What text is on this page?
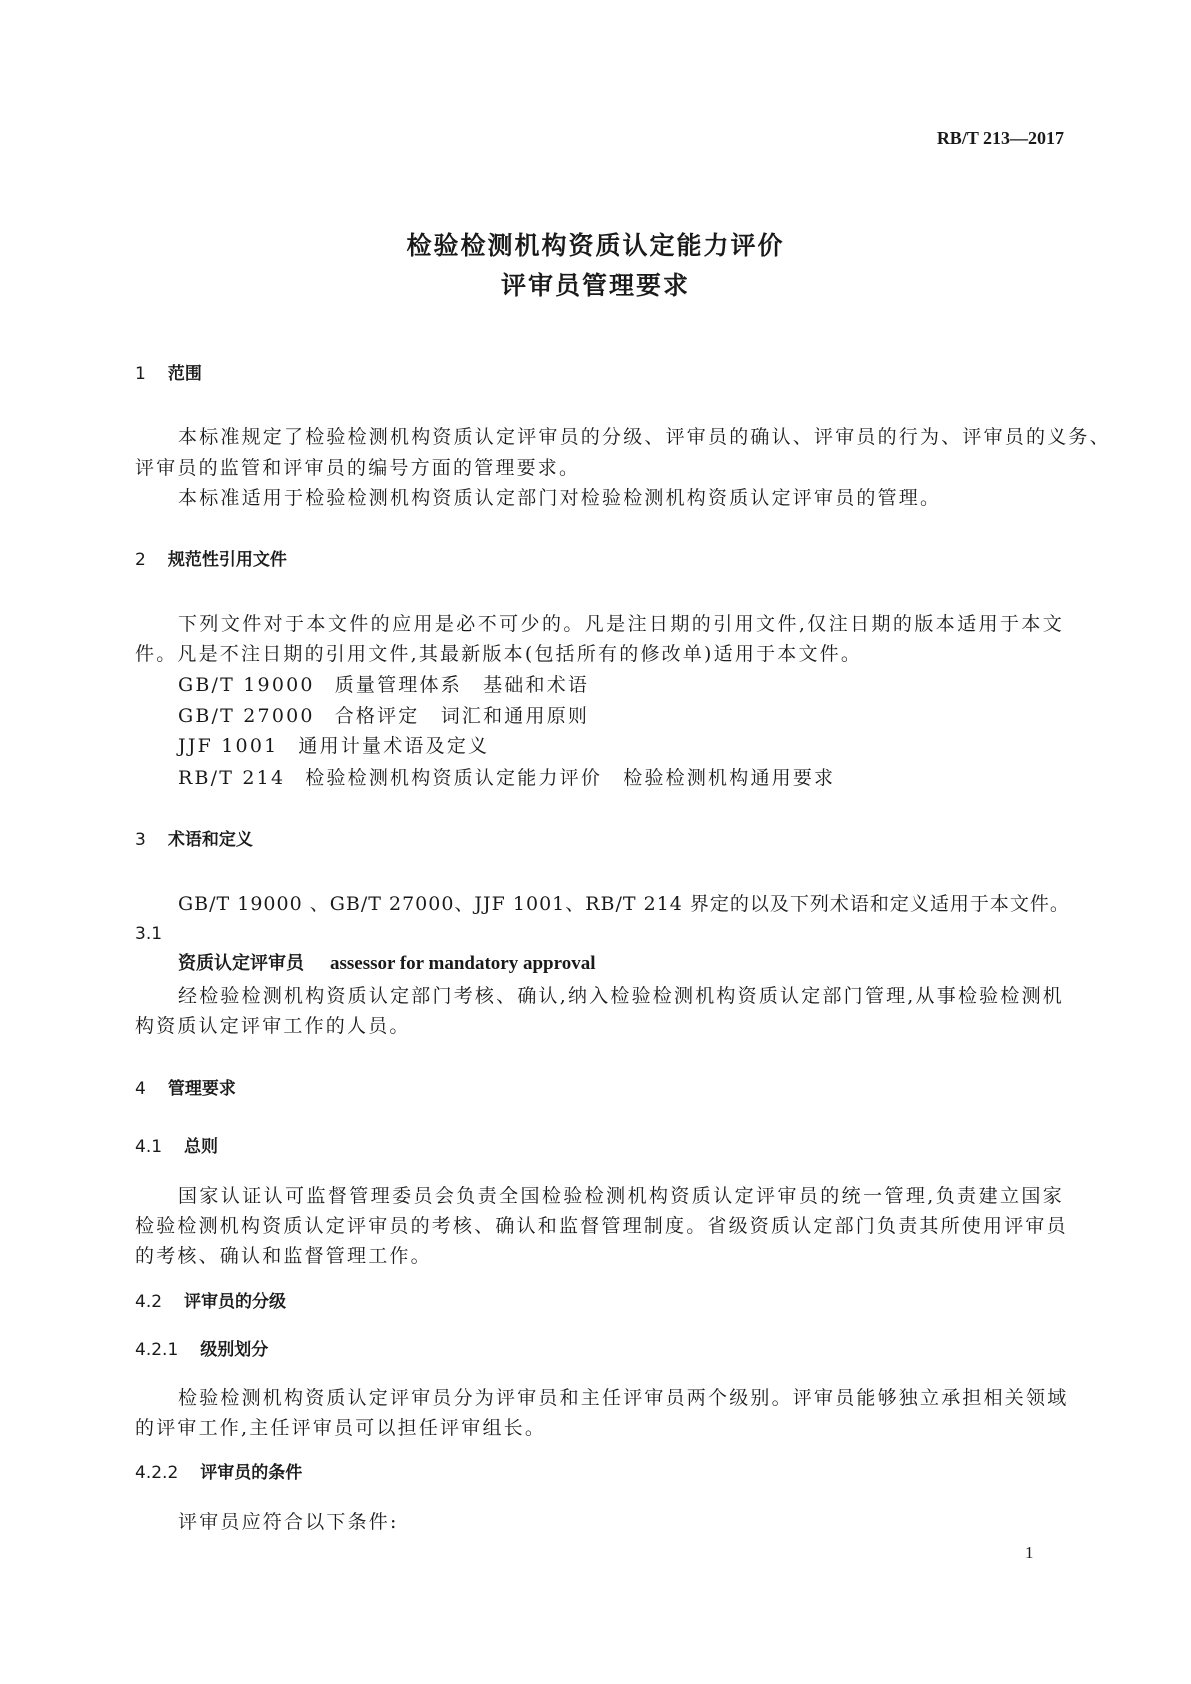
RB/T 213—2017
检验检测机构资质认定能力评价
评审员管理要求
1 范围
本标准规定了检验检测机构资质认定评审员的分级、评审员的确认、评审员的行为、评审员的义务、
评审员的监管和评审员的编号方面的管理要求。
本标准适用于检验检测机构资质认定部门对检验检测机构资质认定评审员的管理。
2 规范性引用文件
下列文件对于本文件的应用是必不可少的。凡是注日期的引用文件,仅注日期的版本适用于本文
件。凡是不注日期的引用文件,其最新版本(包括所有的修改单)适用于本文件。
GB/T 19000 质量管理体系　基础和术语
GB/T 27000 合格评定　词汇和通用原则
JJF 1001 通用计量术语及定义
RB/T 214 检验检测机构资质认定能力评价　检验检测机构通用要求
3 术语和定义
GB/T 19000 、GB/T 27000、JJF 1001、RB/T 214 界定的以及下列术语和定义适用于本文件。
3.1
资质认定评审员 assessor for mandatory approval
经检验检测机构资质认定部门考核、确认,纳入检验检测机构资质认定部门管理,从事检验检测机
构资质认定评审工作的人员。
4 管理要求
4.1 总则
国家认证认可监督管理委员会负责全国检验检测机构资质认定评审员的统一管理,负责建立国家
检验检测机构资质认定评审员的考核、确认和监督管理制度。省级资质认定部门负责其所使用评审员
的考核、确认和监督管理工作。
4.2 评审员的分级
4.2.1 级别划分
检验检测机构资质认定评审员分为评审员和主任评审员两个级别。评审员能够独立承担相关领域
的评审工作,主任评审员可以担任评审组长。
4.2.2 评审员的条件
评审员应符合以下条件:
1
